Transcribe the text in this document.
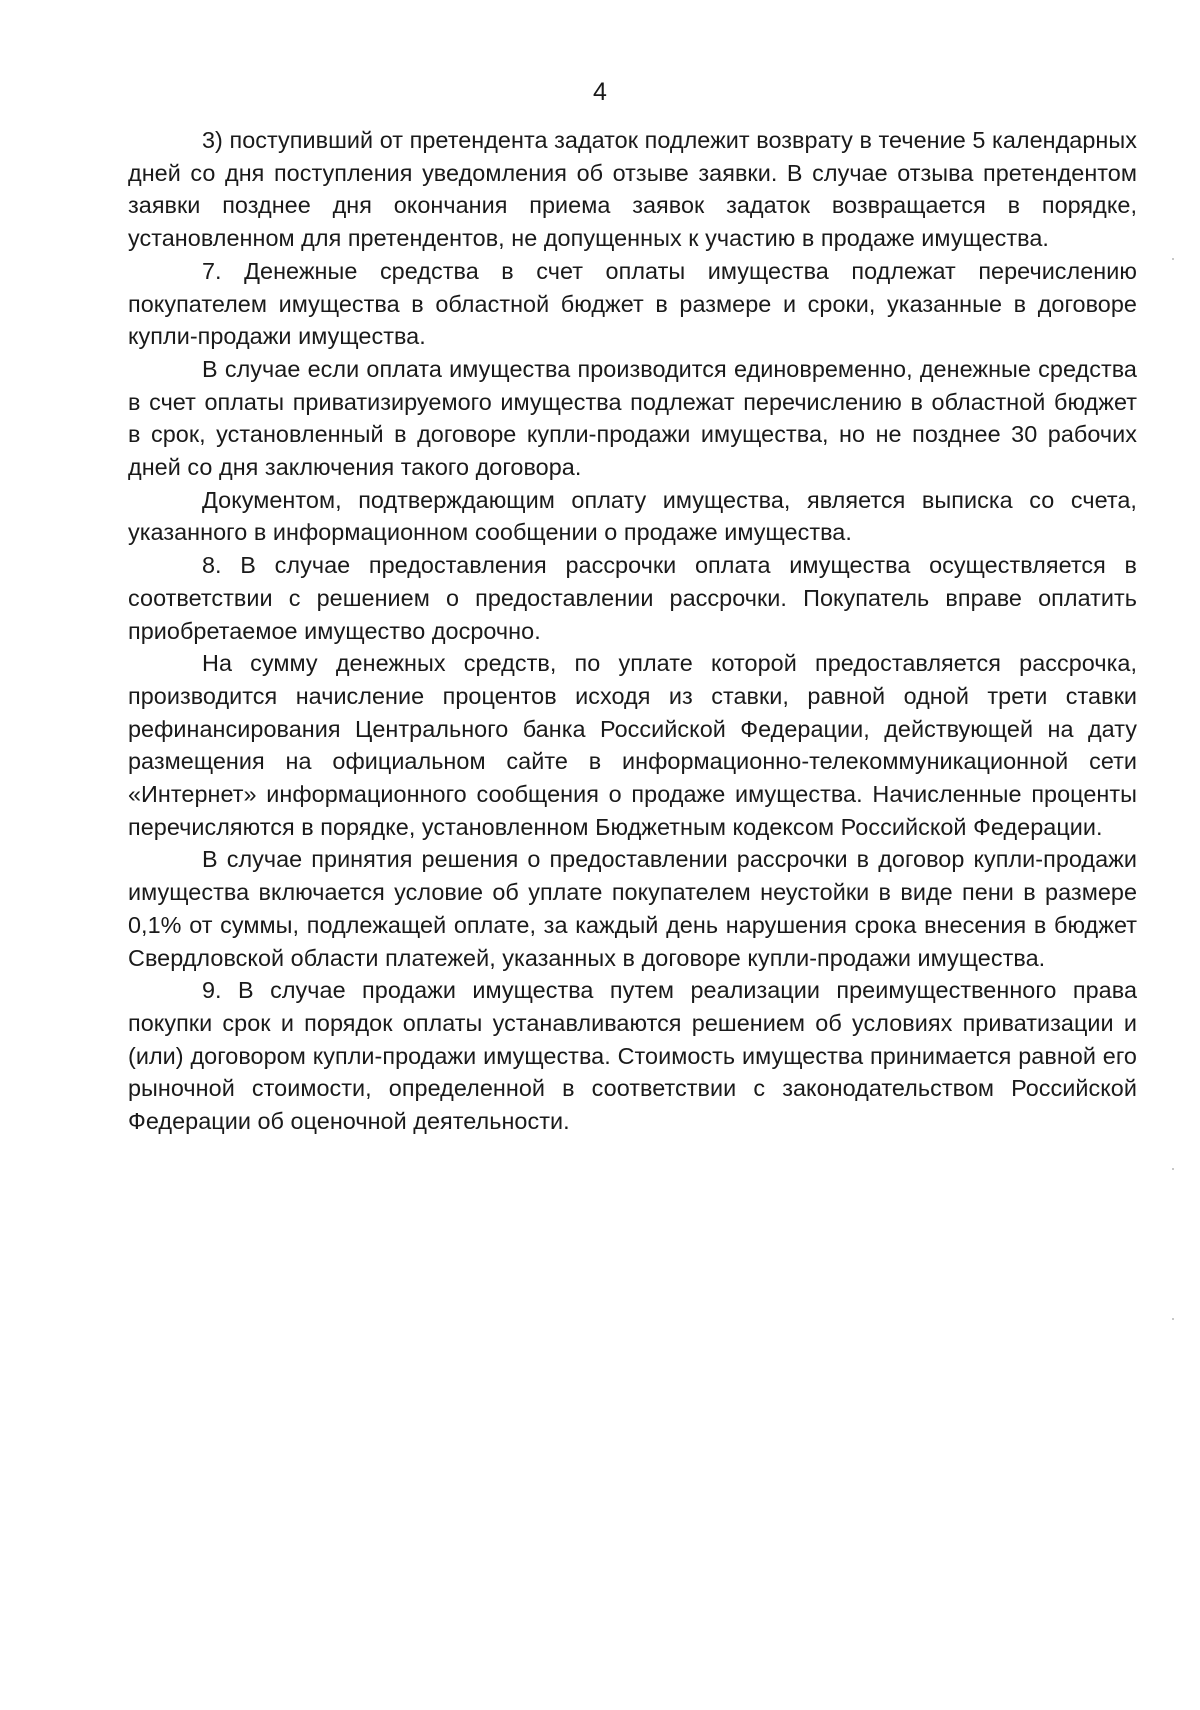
4

3) поступивший от претендента задаток подлежит возврату в течение 5 календарных дней со дня поступления уведомления об отзыве заявки. В случае отзыва претендентом заявки позднее дня окончания приема заявок задаток возвращается в порядке, установленном для претендентов, не допущенных к участию в продаже имущества.

7. Денежные средства в счет оплаты имущества подлежат перечислению покупателем имущества в областной бюджет в размере и сроки, указанные в договоре купли-продажи имущества.

В случае если оплата имущества производится единовременно, денежные средства в счет оплаты приватизируемого имущества подлежат перечислению в областной бюджет в срок, установленный в договоре купли-продажи имущества, но не позднее 30 рабочих дней со дня заключения такого договора.

Документом, подтверждающим оплату имущества, является выписка со счета, указанного в информационном сообщении о продаже имущества.

8. В случае предоставления рассрочки оплата имущества осуществляется в соответствии с решением о предоставлении рассрочки. Покупатель вправе оплатить приобретаемое имущество досрочно.

На сумму денежных средств, по уплате которой предоставляется рассрочка, производится начисление процентов исходя из ставки, равной одной трети ставки рефинансирования Центрального банка Российской Федерации, действующей на дату размещения на официальном сайте в информационно-телекоммуникационной сети «Интернет» информационного сообщения о продаже имущества. Начисленные проценты перечисляются в порядке, установленном Бюджетным кодексом Российской Федерации.

В случае принятия решения о предоставлении рассрочки в договор купли-продажи имущества включается условие об уплате покупателем неустойки в виде пени в размере 0,1% от суммы, подлежащей оплате, за каждый день нарушения срока внесения в бюджет Свердловской области платежей, указанных в договоре купли-продажи имущества.

9. В случае продажи имущества путем реализации преимущественного права покупки срок и порядок оплаты устанавливаются решением об условиях приватизации и (или) договором купли-продажи имущества. Стоимость имущества принимается равной его рыночной стоимости, определенной в соответствии с законодательством Российской Федерации об оценочной деятельности.
